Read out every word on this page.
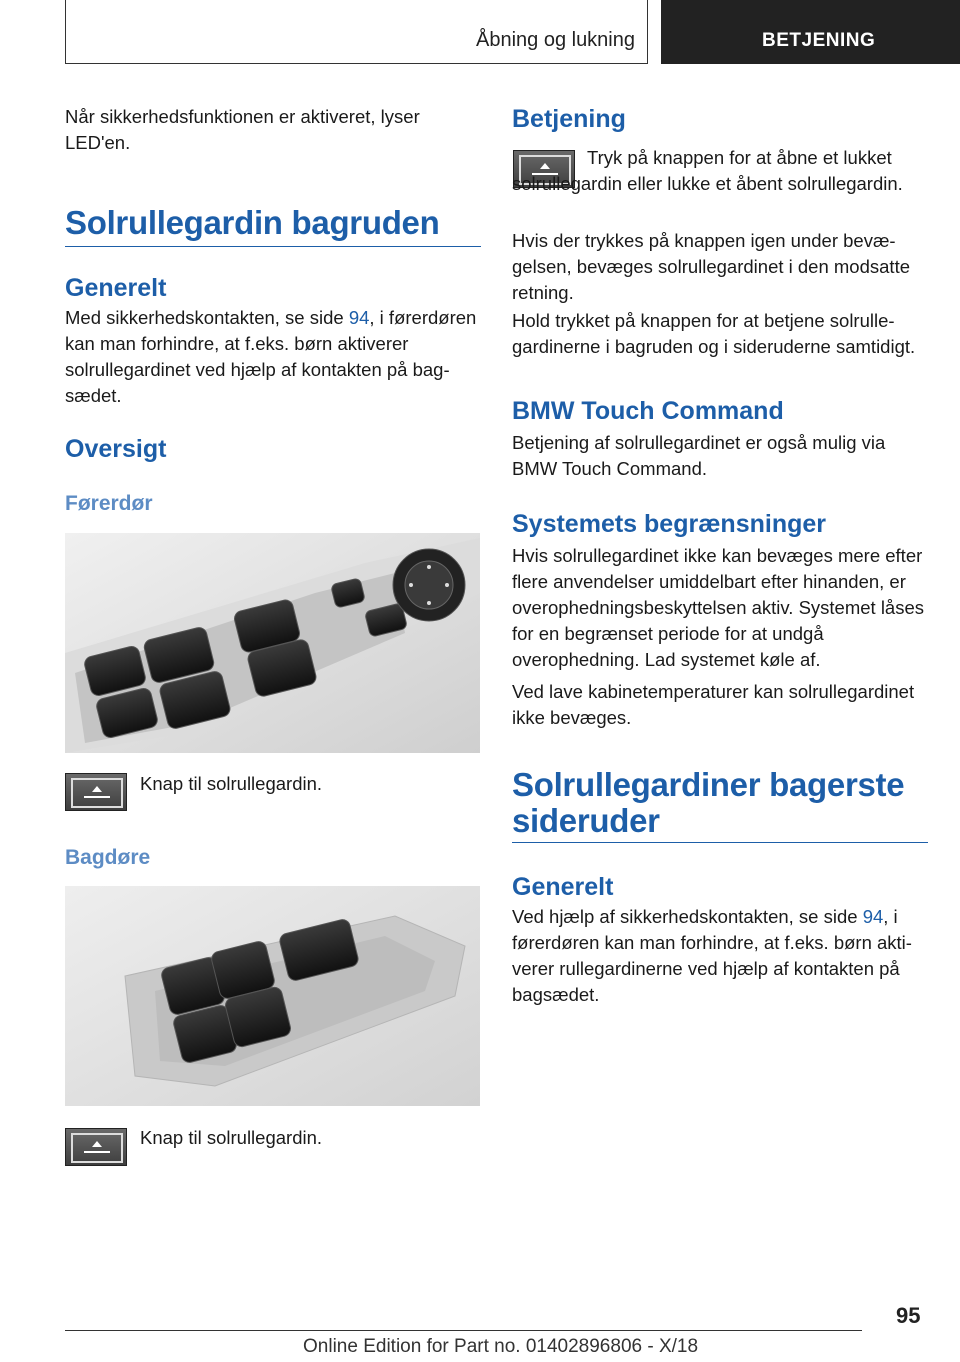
Åbning og lukning	BETJENING

Når sikkerhedsfunktionen er aktiveret, lyser LED'en.

Solrullegardin bagruden
Generelt

Med sikkerhedskontakten, se side 94, i førerdøren kan man forhindre, at f.eks. børn aktiverer solrullegardinet ved hjælp af kontakten på bagsædet.

Oversigt
Førerdør

Knap til solrullegardin.

Bagdøre

Knap til solrullegardin.

Betjening

Tryk på knappen for at åbne et lukket solrullegardin eller lukke et åbent solrullegardin.

Hvis der trykkes på knappen igen under bevægelsen, bevæges solrullegardinet i den modsatte retning.

Hold trykket på knappen for at betjene solrullegardinerne i bagruden og i sideruderne samtidigt.

BMW Touch Command

Betjening af solrullegardinet er også mulig via BMW Touch Command.

Systemets begrænsninger

Hvis solrullegardinet ikke kan bevæges mere efter flere anvendelser umiddelbart efter hinanden, er overophedningsbeskyttelsen aktiv. Systemet låses for en begrænset periode for at undgå overophedning. Lad systemet køle af.

Ved lave kabinetemperaturer kan solrullegardinet ikke bevæges.

Solrullegardiner bagerste sideruder
Generelt

Ved hjælp af sikkerhedskontakten, se side 94, i førerdøren kan man forhindre, at f.eks. børn aktiverer rullegardinerne ved hjælp af kontakten på bagsædet.

95
Online Edition for Part no. 01402896806 - X/18
